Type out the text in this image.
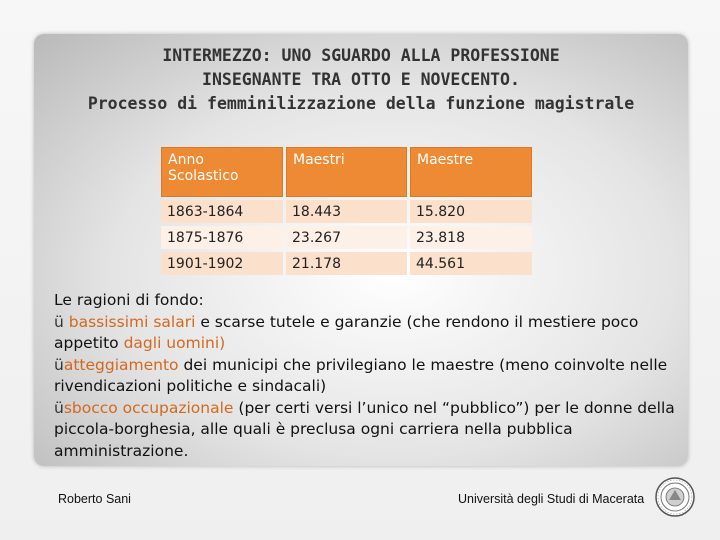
INTERMEZZO: UNO SGUARDO ALLA PROFESSIONE
INSEGNANTE TRA OTTO E NOVECENTO.
Processo di femminilizzazione della funzione magistrale
Anno Scolastico	Maestri	Maestre
1863-1864	18.443	15.820
1875-1876	23.267	23.818
1901-1902	21.178	44.561
Le ragioni di fondo:
ü bassissimi salari e scarse tutele e garanzie (che rendono il mestiere poco appetito dagli uomini)
üatteggiamento dei municipi che privilegiano le maestre (meno coinvolte nelle rivendicazioni politiche e sindacali)
üsbocco occupazionale (per certi versi l’unico nel “pubblico”) per le donne della piccola-borghesia, alle quali è preclusa ogni carriera nella pubblica amministrazione.
Roberto Sani	Università degli Studi di Macerata
